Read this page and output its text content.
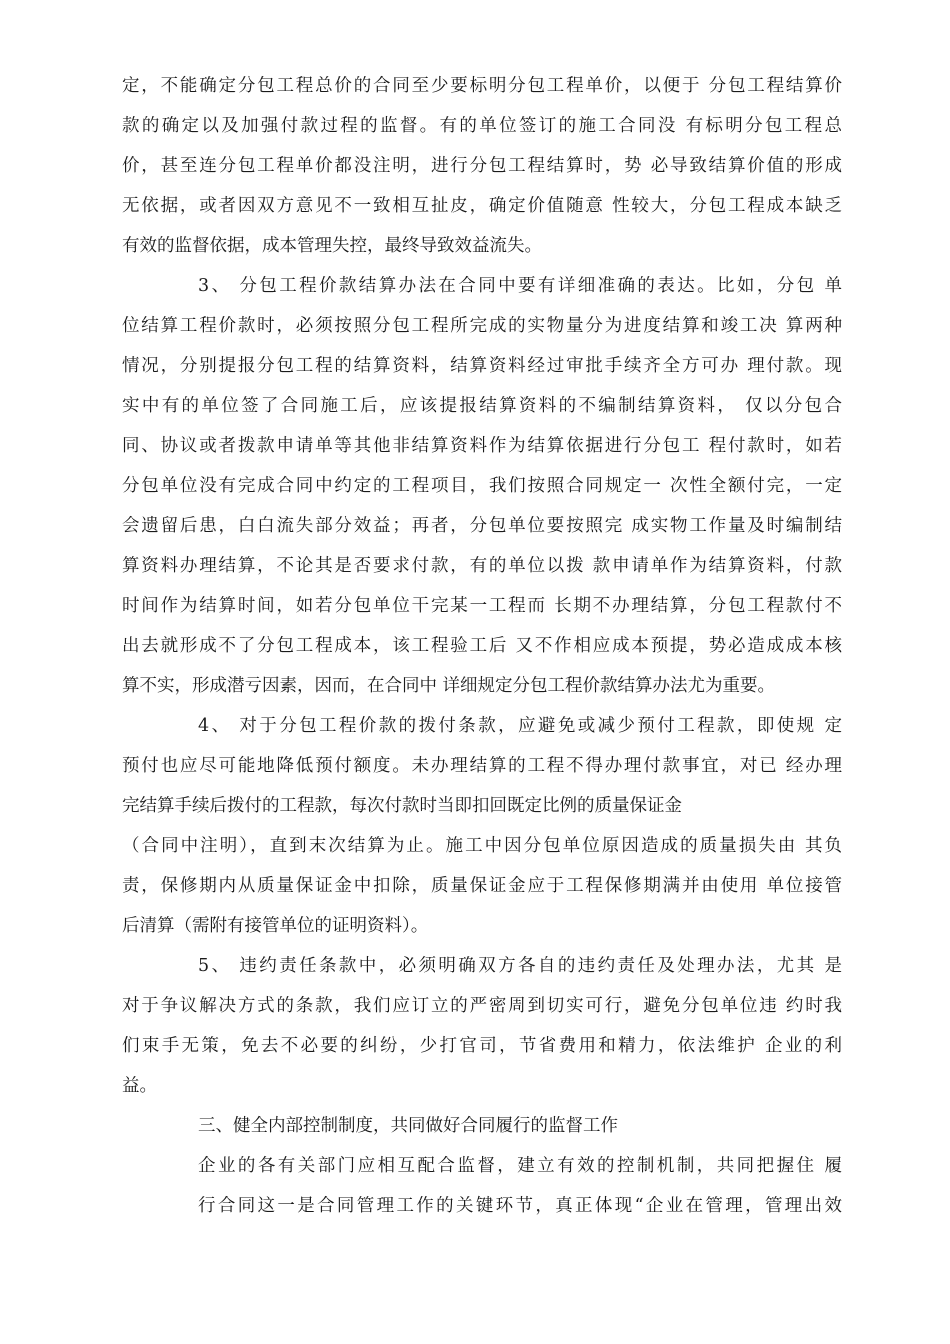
定，不能确定分包工程总价的合同至少要标明分包工程单价，以便于 分包工程结算价
款的确定以及加强付款过程的监督。有的单位签订的施工合同没 有标明分包工程总
价，甚至连分包工程单价都没注明，进行分包工程结算时，势 必导致结算价值的形成
无依据，或者因双方意见不一致相互扯皮，确定价值随意 性较大，分包工程成本缺乏
有效的监督依据，成本管理失控，最终导致效益流失。
3、 分包工程价款结算办法在合同中要有详细准确的表达。比如，分包 单
位结算工程价款时，必须按照分包工程所完成的实物量分为进度结算和竣工决 算两种
情况，分别提报分包工程的结算资料，结算资料经过审批手续齐全方可办 理付款。现
实中有的单位签了合同施工后，应该提报结算资料的不编制结算资料， 仅以分包合
同、协议或者拨款申请单等其他非结算资料作为结算依据进行分包工 程付款时，如若
分包单位没有完成合同中约定的工程项目，我们按照合同规定一 次性全额付完，一定
会遗留后患，白白流失部分效益；再者，分包单位要按照完 成实物工作量及时编制结
算资料办理结算，不论其是否要求付款，有的单位以拨 款申请单作为结算资料，付款
时间作为结算时间，如若分包单位干完某一工程而 长期不办理结算，分包工程款付不
出去就形成不了分包工程成本，该工程验工后 又不作相应成本预提，势必造成成本核
算不实，形成潜亏因素，因而，在合同中 详细规定分包工程价款结算办法尤为重要。
4、 对于分包工程价款的拨付条款，应避免或减少预付工程款，即使规 定
预付也应尽可能地降低预付额度。未办理结算的工程不得办理付款事宜，对已 经办理
完结算手续后拨付的工程款，每次付款时当即扣回既定比例的质量保证金
（合同中注明），直到末次结算为止。施工中因分包单位原因造成的质量损失由 其负
责，保修期内从质量保证金中扣除，质量保证金应于工程保修期满并由使用 单位接管
后清算（需附有接管单位的证明资料）。
5、 违约责任条款中，必须明确双方各自的违约责任及处理办法，尤其 是
对于争议解决方式的条款，我们应订立的严密周到切实可行，避免分包单位违 约时我
们束手无策，免去不必要的纠纷，少打官司，节省费用和精力，依法维护 企业的利
益。
三、健全内部控制制度，共同做好合同履行的监督工作
企业的各有关部门应相互配合监督，建立有效的控制机制，共同把握住 履
行合同这一是合同管理工作的关键环节，真正体现“企业在管理，管理出效
